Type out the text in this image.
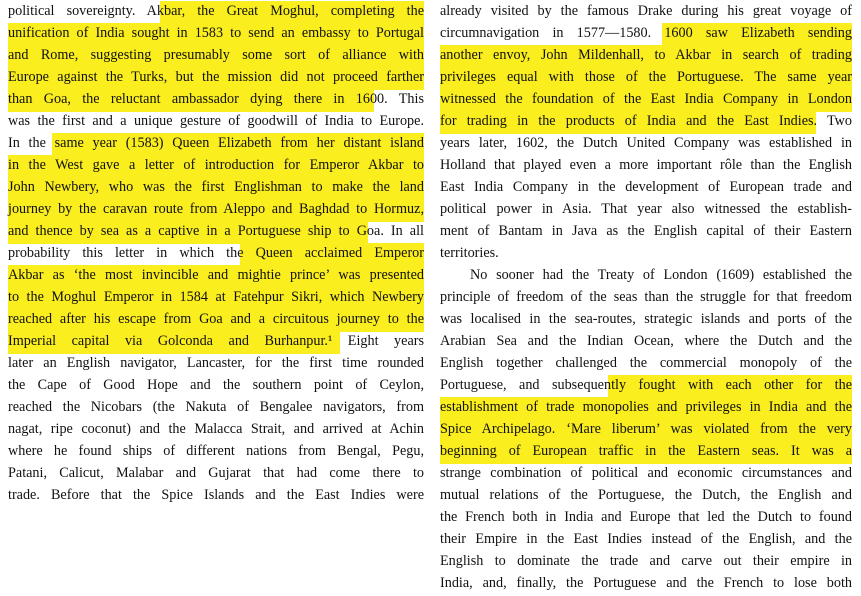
political sovereignty. Akbar, the Great Moghul, completing the
unification of India sought in 1583 to send an embassy to Portugal
and Rome, suggesting presumably some sort of alliance with
Europe against the Turks, but the mission did not proceed farther
than Goa, the reluctant ambassador dying there in 1600. This
was the first and a unique gesture of goodwill of India to Europe.
In the same year (1583) Queen Elizabeth from her distant island
in the West gave a letter of introduction for Emperor Akbar to
John Newbery, who was the first Englishman to make the land
journey by the caravan route from Aleppo and Baghdad to Hormuz,
and thence by sea as a captive in a Portuguese ship to Goa. In all
probability this letter in which the Queen acclaimed Emperor
Akbar as ‘the most invincible and mightie prince’ was presented
to the Moghul Emperor in 1584 at Fatehpur Sikri, which Newbery
reached after his escape from Goa and a circuitous journey to the
Imperial capital via Golconda and Burhanpur.¹ Eight years
later an English navigator, Lancaster, for the first time rounded
the Cape of Good Hope and the southern point of Ceylon,
reached the Nicobars (the Nakuta of Bengalee navigators, from
nagat, ripe coconut) and the Malacca Strait, and arrived at Achin
where he found ships of different nations from Bengal, Pegu,
Patani, Calicut, Malabar and Gujarat that had come there to
trade. Before that the Spice Islands and the East Indies were
already visited by the famous Drake during his great voyage of
circumnavigation in 1577—1580. 1600 saw Elizabeth sending
another envoy, John Mildenhall, to Akbar in search of trading
privileges equal with those of the Portuguese. The same year
witnessed the foundation of the East India Company in London
for trading in the products of India and the East Indies. Two
years later, 1602, the Dutch United Company was established in
Holland that played even a more important rôle than the English
East India Company in the development of European trade and
political power in Asia. That year also witnessed the establish-
ment of Bantam in Java as the English capital of their Eastern
territories.
No sooner had the Treaty of London (1609) established the
principle of freedom of the seas than the struggle for that freedom
was localised in the sea-routes, strategic islands and ports of the
Arabian Sea and the Indian Ocean, where the Dutch and the
English together challenged the commercial monopoly of the
Portuguese, and subsequently fought with each other for the
establishment of trade monopolies and privileges in India and the
Spice Archipelago. ‘Mare liberum’ was violated from the very
beginning of European traffic in the Eastern seas. It was a
strange combination of political and economic circumstances and
mutual relations of the Portuguese, the Dutch, the English and
the French both in India and Europe that led the Dutch to found
their Empire in the East Indies instead of the English, and the
English to dominate the trade and carve out their empire in
India, and, finally, the Portuguese and the French to lose both
